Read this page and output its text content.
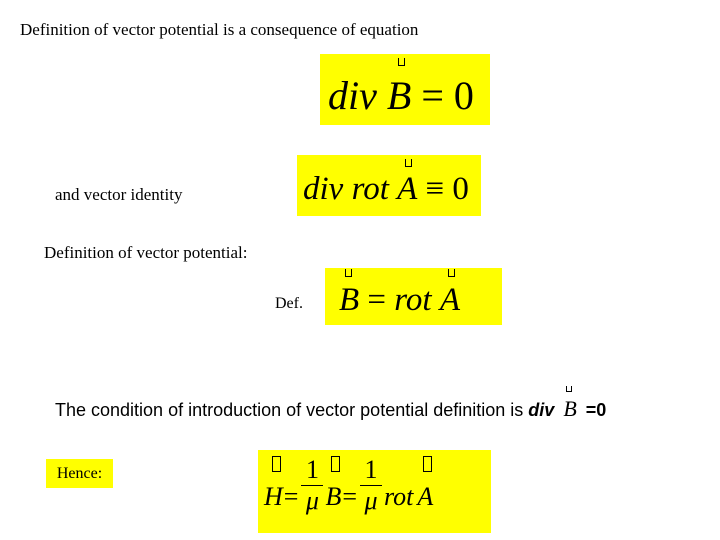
Definition of vector potential is a consequence of equation
div B = 0
div rot A ≡ 0
and vector identity
Definition of vector potential:
Def. B = rot A
The condition of introduction of vector potential definition is div B =0
Hence:
$H = \frac{1}{\mu}$ $B = \frac{1}{\mu}$ rot A
